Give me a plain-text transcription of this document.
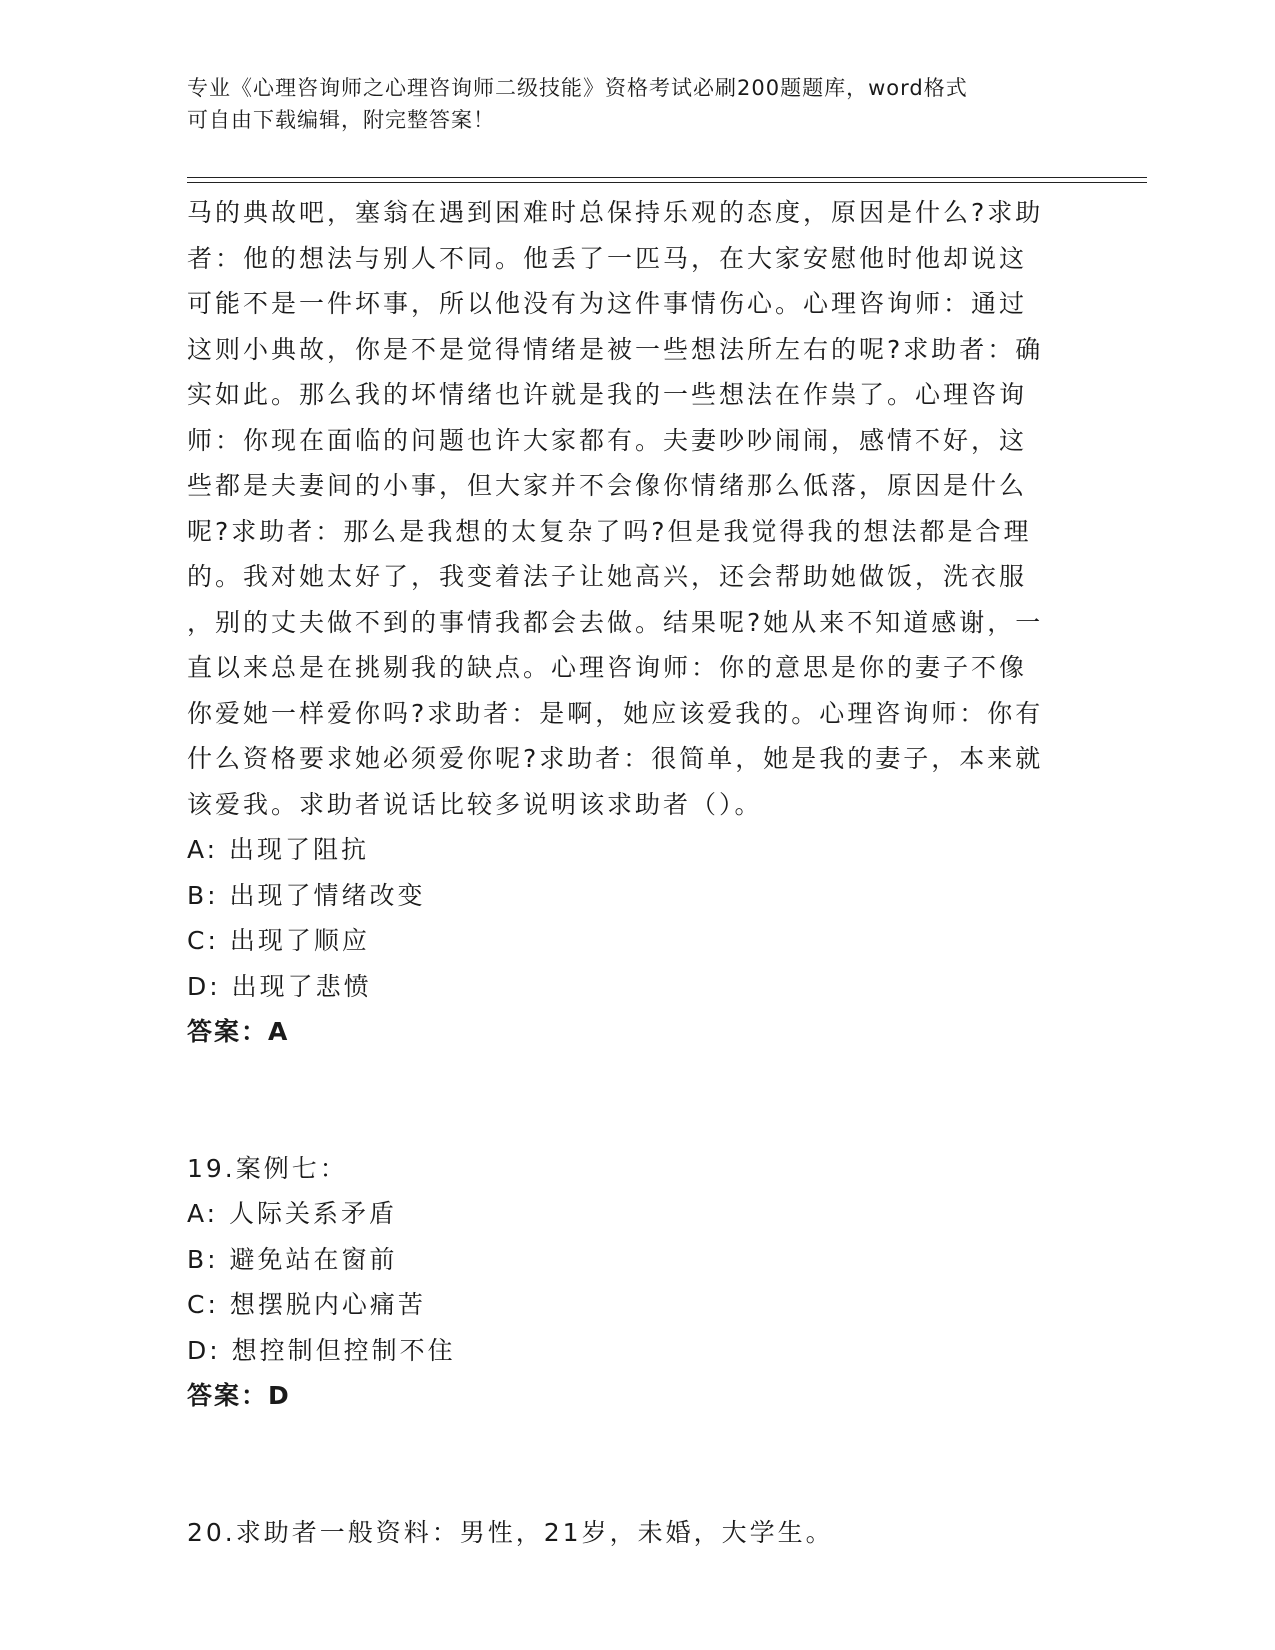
专业《心理咨询师之心理咨询师二级技能》资格考试必刷200题题库，word格式
可自由下载编辑，附完整答案！

马的典故吧，塞翁在遇到困难时总保持乐观的态度，原因是什么?求助

者：他的想法与别人不同。他丢了一匹马，在大家安慰他时他却说这

可能不是一件坏事，所以他没有为这件事情伤心。心理咨询师：通过

这则小典故，你是不是觉得情绪是被一些想法所左右的呢?求助者：确

实如此。那么我的坏情绪也许就是我的一些想法在作祟了。心理咨询

师：你现在面临的问题也许大家都有。夫妻吵吵闹闹，感情不好，这

些都是夫妻间的小事，但大家并不会像你情绪那么低落，原因是什么

呢?求助者：那么是我想的太复杂了吗?但是我觉得我的想法都是合理

的。我对她太好了，我变着法子让她高兴，还会帮助她做饭，洗衣服

，别的丈夫做不到的事情我都会去做。结果呢?她从来不知道感谢，一

直以来总是在挑剔我的缺点。心理咨询师：你的意思是你的妻子不像

你爱她一样爱你吗?求助者：是啊，她应该爱我的。心理咨询师：你有

什么资格要求她必须爱你呢?求助者：很简单，她是我的妻子，本来就

该爱我。求助者说话比较多说明该求助者（）。

A: 出现了阻抗

B: 出现了情绪改变

C: 出现了顺应

D: 出现了悲愤

答案：A

19.案例七：

A: 人际关系矛盾

B: 避免站在窗前

C: 想摆脱内心痛苦

D: 想控制但控制不住

答案：D

20.求助者一般资料：男性，21岁，未婚，大学生。
